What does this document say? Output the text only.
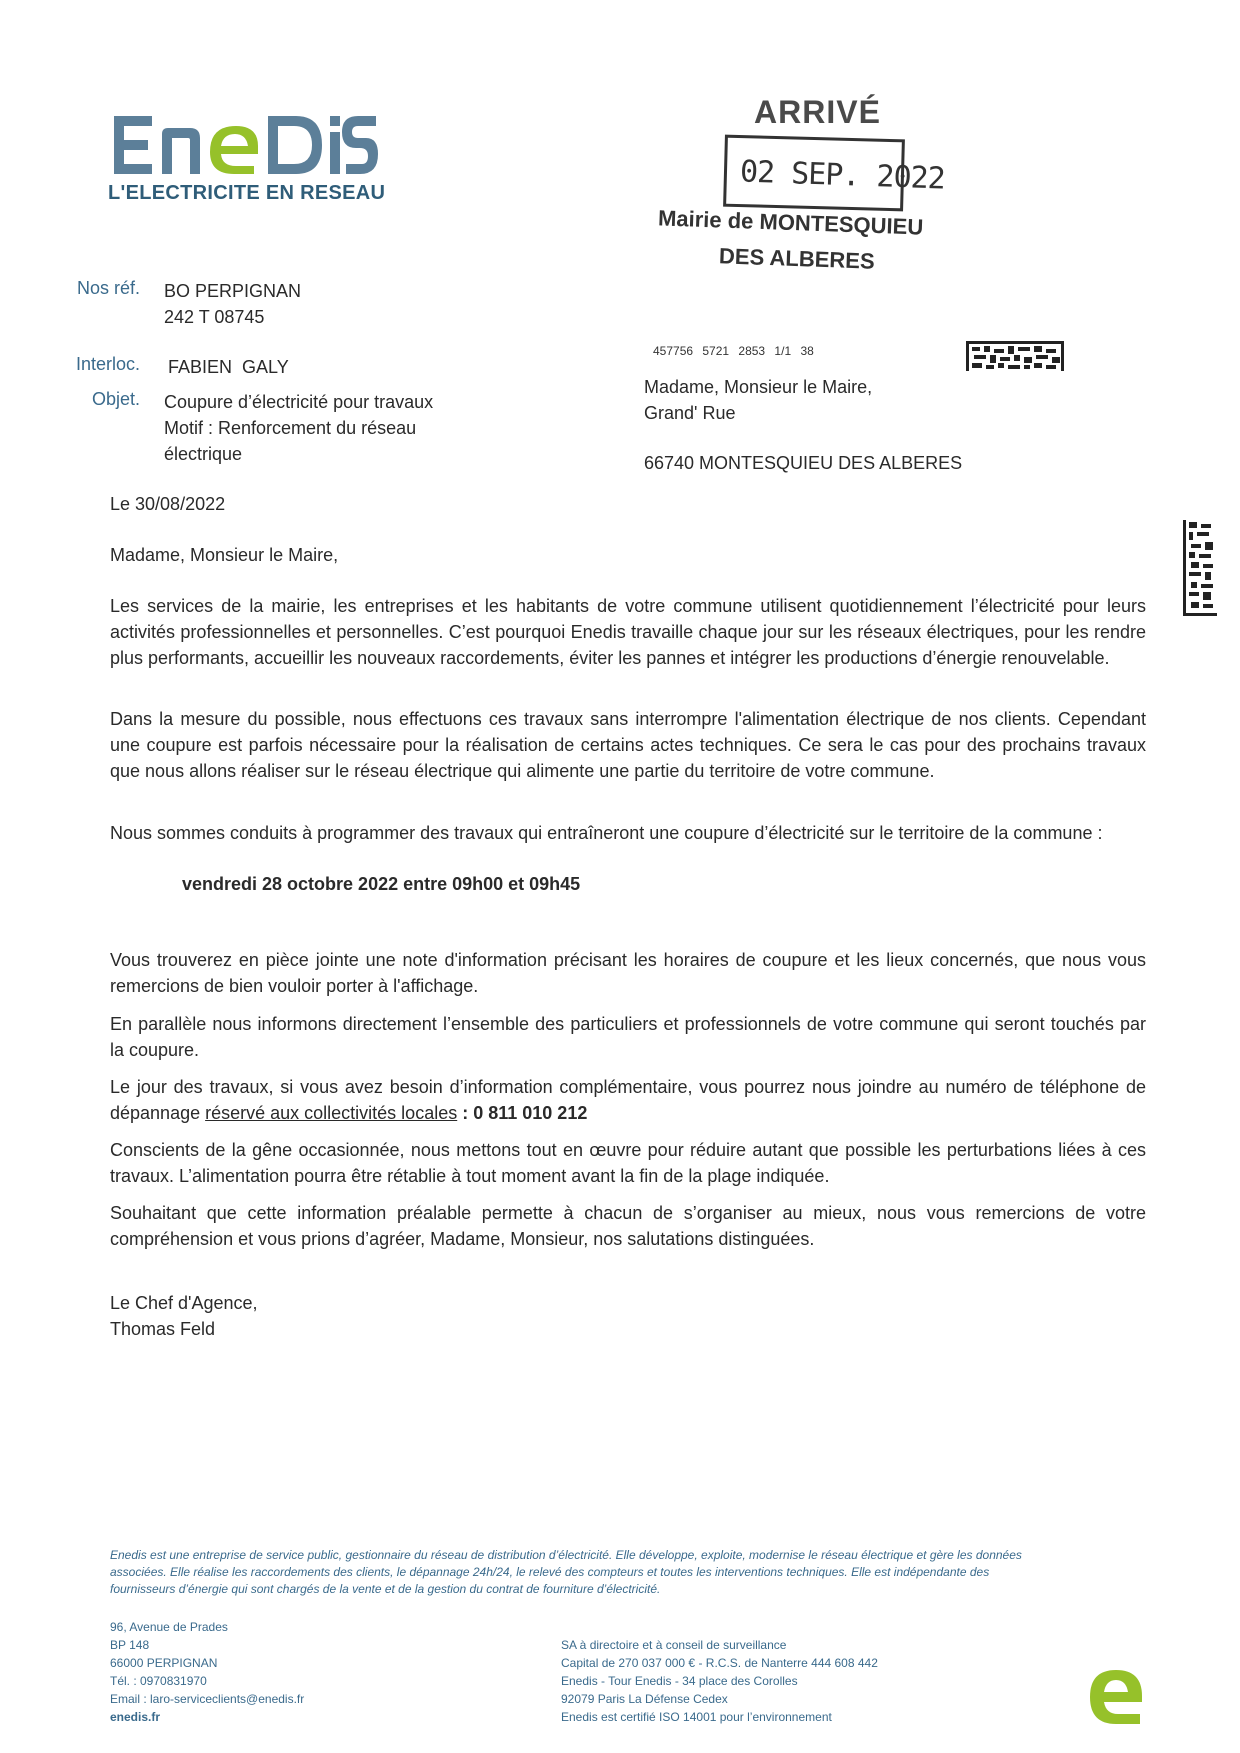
L'ELECTRICITE EN RESEAU
ARRIVÉ
02 SEP. 2022
Mairie de MONTESQUIEU
DES ALBERES
Nos réf. BO PERPIGNAN
242 T 08745
Interloc. FABIEN  GALY
Objet. Coupure d’électricité pour travaux
Motif : Renforcement du réseau
électrique
457756 5721 2853 1/1 38
Madame, Monsieur le Maire,
Grand' Rue
66740 MONTESQUIEU DES ALBERES
Le 30/08/2022
Madame, Monsieur le Maire,

Les services de la mairie, les entreprises et les habitants de votre commune utilisent quotidiennement l’électricité pour leurs activités professionnelles et personnelles. C’est pourquoi Enedis travaille chaque jour sur les réseaux électriques, pour les rendre plus performants, accueillir les nouveaux raccordements, éviter les pannes et intégrer les productions d’énergie renouvelable.

Dans la mesure du possible, nous effectuons ces travaux sans interrompre l'alimentation électrique de nos clients. Cependant une coupure est parfois nécessaire pour la réalisation de certains actes techniques. Ce sera le cas pour des prochains travaux que nous allons réaliser sur le réseau électrique qui alimente une partie du territoire de votre commune.

Nous sommes conduits à programmer des travaux qui entraîneront une coupure d’électricité sur le territoire de la commune :

vendredi 28 octobre 2022 entre 09h00 et 09h45

Vous trouverez en pièce jointe une note d'information précisant les horaires de coupure et les lieux concernés, que nous vous remercions de bien vouloir porter à l'affichage.

En parallèle nous informons directement l’ensemble des particuliers et professionnels de votre commune qui seront touchés par la coupure.

Le jour des travaux, si vous avez besoin d’information complémentaire, vous pourrez nous joindre au numéro de téléphone de dépannage réservé aux collectivités locales : 0 811 010 212

Conscients de la gêne occasionnée, nous mettons tout en œuvre pour réduire autant que possible les perturbations liées à ces travaux. L’alimentation pourra être rétablie à tout moment avant la fin de la plage indiquée.

Souhaitant que cette information préalable permette à chacun de s’organiser au mieux, nous vous remercions de votre compréhension et vous prions d’agréer, Madame, Monsieur, nos salutations distinguées.

Le Chef d'Agence,
Thomas Feld
Enedis est une entreprise de service public, gestionnaire du réseau de distribution d’électricité. Elle développe, exploite, modernise le réseau électrique et gère les données
associées. Elle réalise les raccordements des clients, le dépannage 24h/24, le relevé des compteurs et toutes les interventions techniques. Elle est indépendante des
fournisseurs d’énergie qui sont chargés de la vente et de la gestion du contrat de fourniture d’électricité.
96, Avenue de Prades
BP 148
66000 PERPIGNAN
Tél. : 0970831970
Email : laro-serviceclients@enedis.fr
enedis.fr
SA à directoire et à conseil de surveillance
Capital de 270 037 000 € - R.C.S. de Nanterre 444 608 442
Enedis - Tour Enedis - 34 place des Corolles
92079 Paris La Défense Cedex
Enedis est certifié ISO 14001 pour l’environnement
